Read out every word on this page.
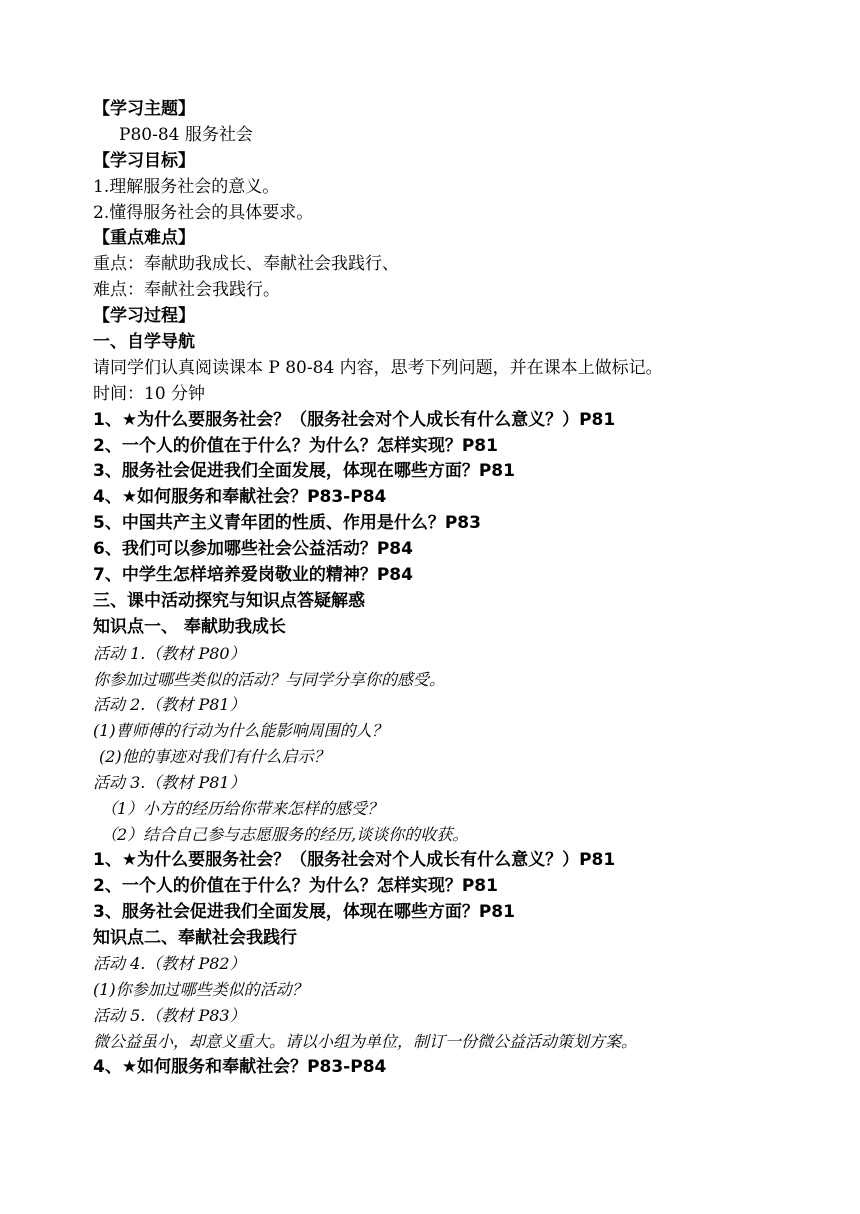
【学习主题】
P80-84 服务社会
【学习目标】
1.理解服务社会的意义。
2.懂得服务社会的具体要求。
【重点难点】
重点：奉献助我成长、奉献社会我践行、
难点：奉献社会我践行。
【学习过程】
一、自学导航
请同学们认真阅读课本 P 80-84 内容，思考下列问题，并在课本上做标记。
时间：10 分钟
1、★为什么要服务社会？（服务社会对个人成长有什么意义？）P81
2、一个人的价值在于什么？为什么？怎样实现？P81
3、服务社会促进我们全面发展，体现在哪些方面？P81
4、★如何服务和奉献社会？P83-P84
5、中国共产主义青年团的性质、作用是什么？P83
6、我们可以参加哪些社会公益活动？P84
7、中学生怎样培养爱岗敬业的精神？P84
三、课中活动探究与知识点答疑解惑
知识点一、 奉献助我成长
活动 1.（教材 P80）
你参加过哪些类似的活动？与同学分享你的感受。
活动 2.（教材 P81）
(1)曹师傅的行动为什么能影响周围的人？
(2)他的事迹对我们有什么启示？
活动 3.（教材 P81）
（1）小方的经历给你带来怎样的感受？
（2）结合自己参与志愿服务的经历,谈谈你的收获。
1、★为什么要服务社会？（服务社会对个人成长有什么意义？）P81
2、一个人的价值在于什么？为什么？怎样实现？P81
3、服务社会促进我们全面发展，体现在哪些方面？P81
知识点二、奉献社会我践行
活动 4.（教材 P82）
(1)你参加过哪些类似的活动？
活动 5.（教材 P83）
微公益虽小，却意义重大。请以小组为单位，制订一份微公益活动策划方案。
4、★如何服务和奉献社会？P83-P84
